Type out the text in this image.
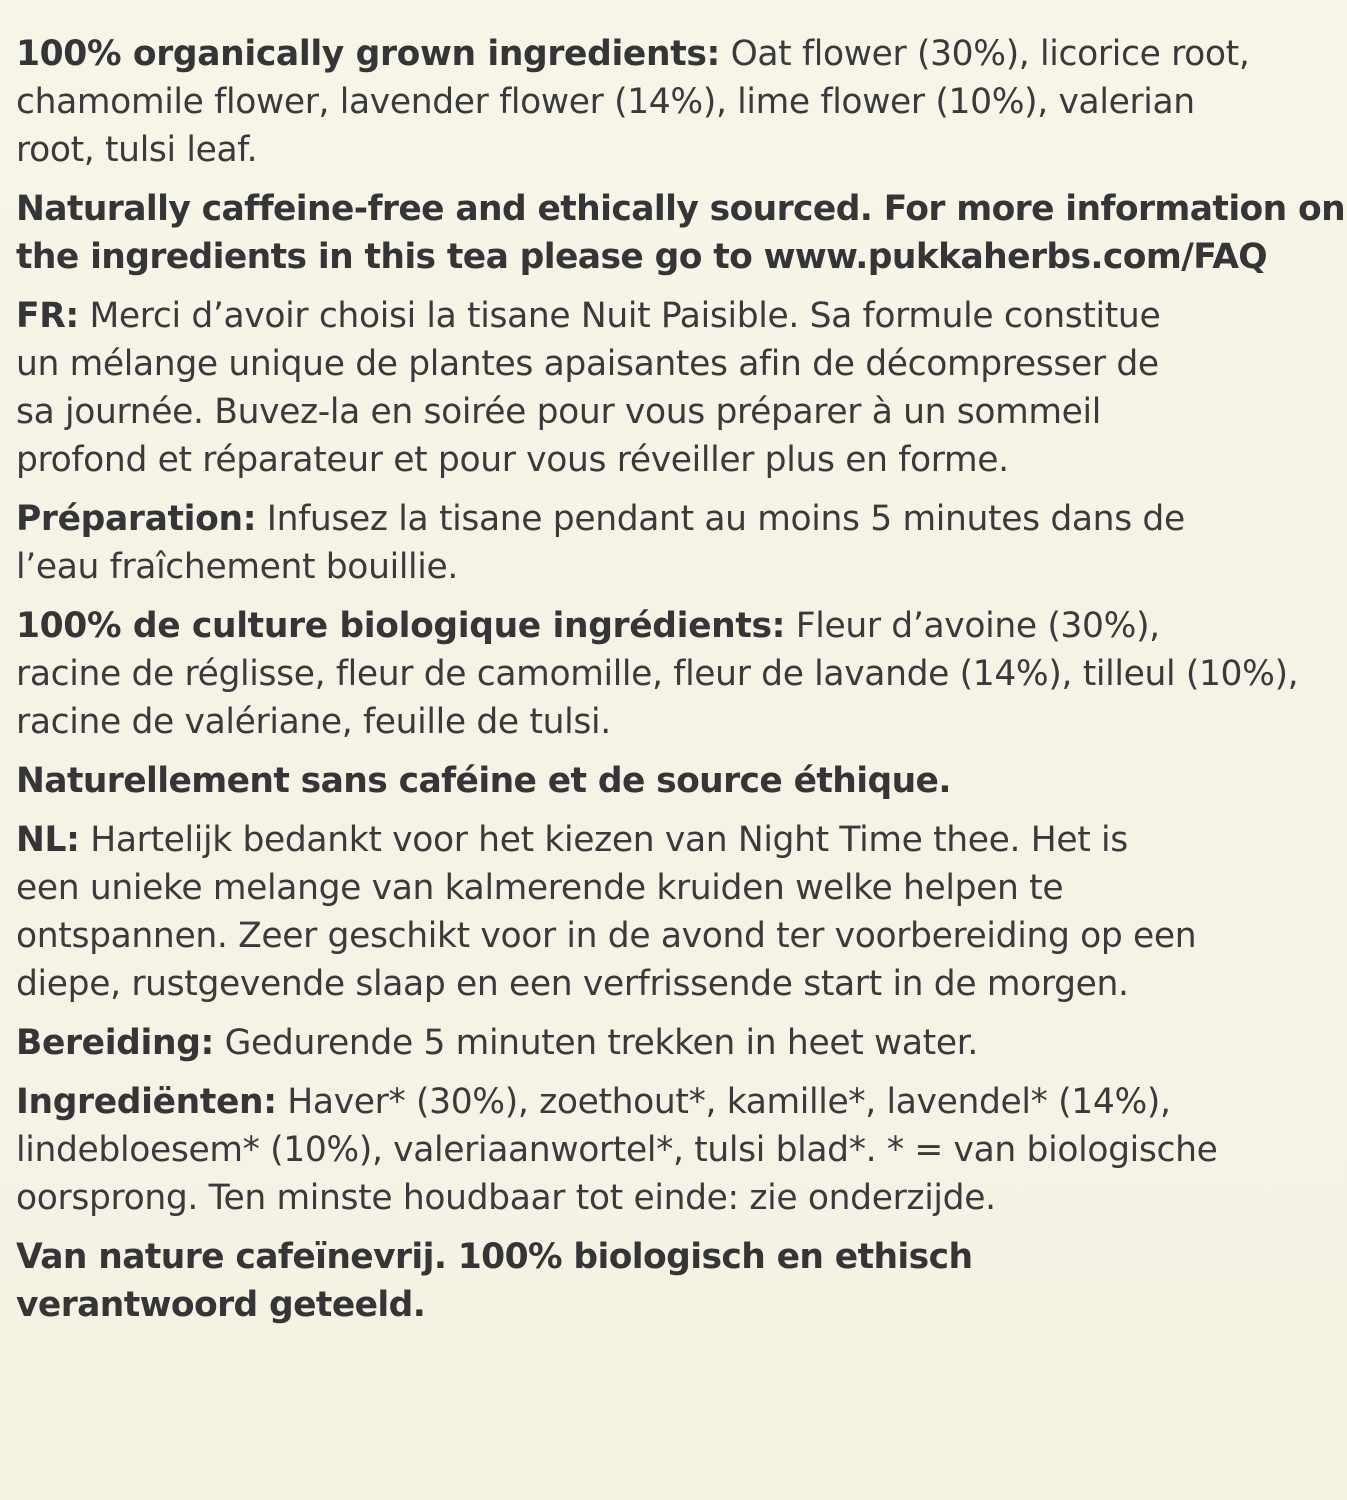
100% organically grown ingredients: Oat flower (30%), licorice root,
chamomile flower, lavender flower (14%), lime flower (10%), valerian
root, tulsi leaf.

Naturally caffeine-free and ethically sourced. For more information on
the ingredients in this tea please go to www.pukkaherbs.com/FAQ

FR: Merci d’avoir choisi la tisane Nuit Paisible. Sa formule constitue
un mélange unique de plantes apaisantes afin de décompresser de
sa journée. Buvez-la en soirée pour vous préparer à un sommeil
profond et réparateur et pour vous réveiller plus en forme.

Préparation: Infusez la tisane pendant au moins 5 minutes dans de
l’eau fraîchement bouillie.

100% de culture biologique ingrédients: Fleur d’avoine (30%),
racine de réglisse, fleur de camomille, fleur de lavande (14%), tilleul (10%),
racine de valériane, feuille de tulsi.

Naturellement sans caféine et de source éthique.

NL: Hartelijk bedankt voor het kiezen van Night Time thee. Het is
een unieke melange van kalmerende kruiden welke helpen te
ontspannen. Zeer geschikt voor in de avond ter voorbereiding op een
diepe, rustgevende slaap en een verfrissende start in de morgen.

Bereiding: Gedurende 5 minuten trekken in heet water.

Ingrediënten: Haver* (30%), zoethout*, kamille*, lavendel* (14%),
lindebloesem* (10%), valeriaanwortel*, tulsi blad*. * = van biologische
oorsprong. Ten minste houdbaar tot einde: zie onderzijde.

Van nature cafeïnevrij. 100% biologisch en ethisch
verantwoord geteeld.
